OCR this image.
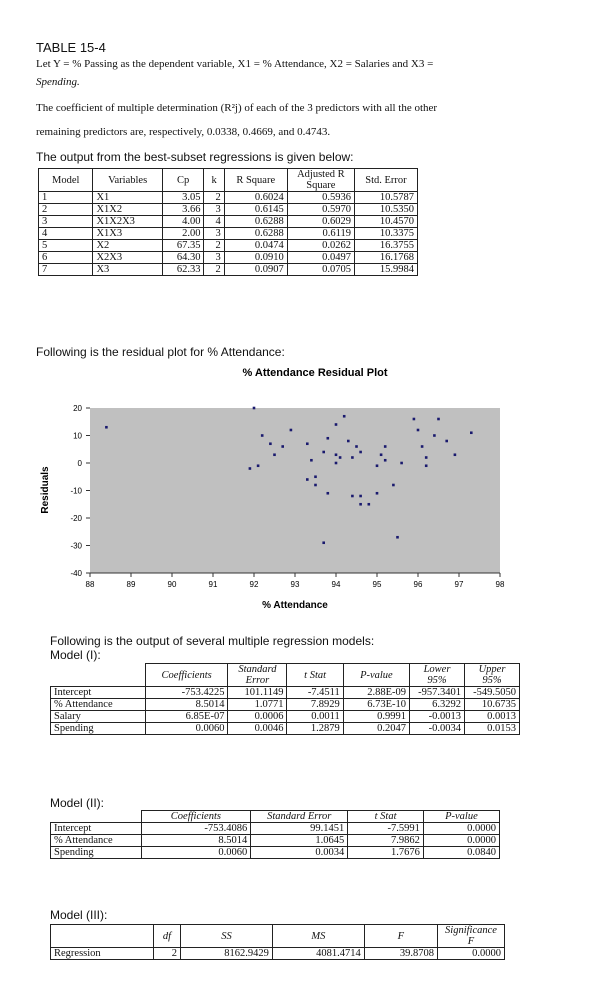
TABLE 15-4
Let Y = % Passing as the dependent variable, X1 = % Attendance, X2 = Salaries and X3 =
Spending.
The coefficient of multiple determination (R²j) of each of the 3 predictors with all the other
remaining predictors are, respectively, 0.0338, 0.4669, and 0.4743.
The output from the best-subset regressions is given below:
Model	Variables	Cp	k	R Square	Adjusted R Square	Std. Error
1	X1	3.05	2	0.6024	0.5936	10.5787
2	X1X2	3.66	3	0.6145	0.5970	10.5350
3	X1X2X3	4.00	4	0.6288	0.6029	10.4570
4	X1X3	2.00	3	0.6288	0.6119	10.3375
5	X2	67.35	2	0.0474	0.0262	16.3755
6	X2X3	64.30	3	0.0910	0.0497	16.1768
7	X3	62.33	2	0.0907	0.0705	15.9984
Following is the residual plot for % Attendance:
% Attendance Residual Plot
20
10
0
-10
-20
-30
-40
88	89	90	91	92	93	94	95	96	97	98
% Attendance
Residuals
Following is the output of several multiple regression models:
Model (I):
	Coefficients	Standard Error	t Stat	P-value	Lower 95%	Upper 95%
Intercept	-753.4225	101.1149	-7.4511	2.88E-09	-957.3401	-549.5050
% Attendance	8.5014	1.0771	7.8929	6.73E-10	6.3292	10.6735
Salary	6.85E-07	0.0006	0.0011	0.9991	-0.0013	0.0013
Spending	0.0060	0.0046	1.2879	0.2047	-0.0034	0.0153
Model (II):
	Coefficients	Standard Error	t Stat	P-value
Intercept	-753.4086	99.1451	-7.5991	0.0000
% Attendance	8.5014	1.0645	7.9862	0.0000
Spending	0.0060	0.0034	1.7676	0.0840
Model (III):
	df	SS	MS	F	Significance F
Regression	2	8162.9429	4081.4714	39.8708	0.0000
